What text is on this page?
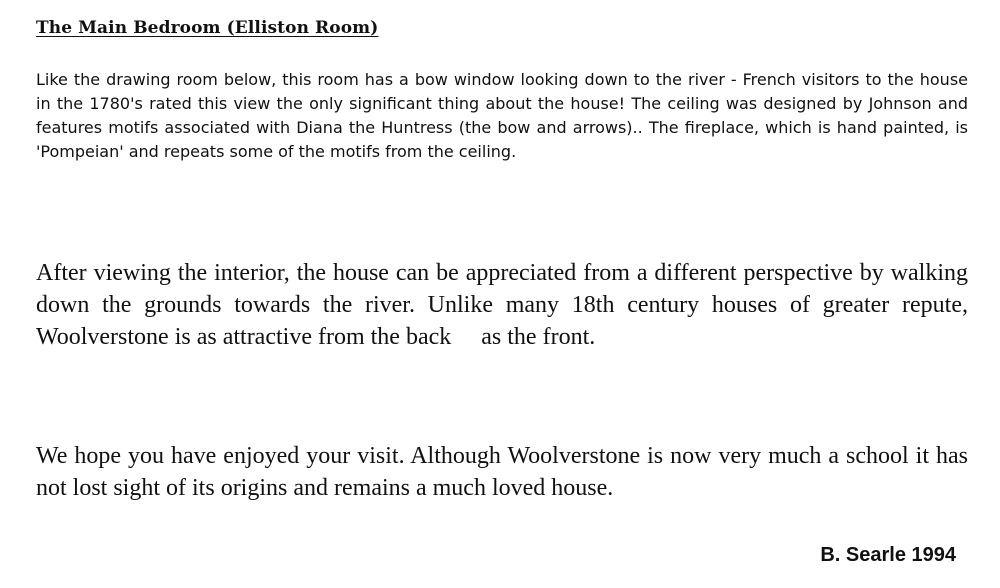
The Main Bedroom (Elliston Room)

Like the drawing room below, this room has a bow window looking down to the river - French visitors to the house in the 1780's rated this view the only significant thing about the house! The ceiling was designed by Johnson and features motifs associated with Diana the Huntress (the bow and arrows).. The fireplace, which is hand painted, is 'Pompeian' and repeats some of the motifs from the ceiling.

After viewing the interior, the house can be appreciated from a different perspective by walking down the grounds towards the river. Unlike many 18th century houses of greater repute, Woolverstone is as attractive from the back as the front.

We hope you have enjoyed your visit. Although Woolverstone is now very much a school it has not lost sight of its origins and remains a much loved house.

B. Searle 1994
